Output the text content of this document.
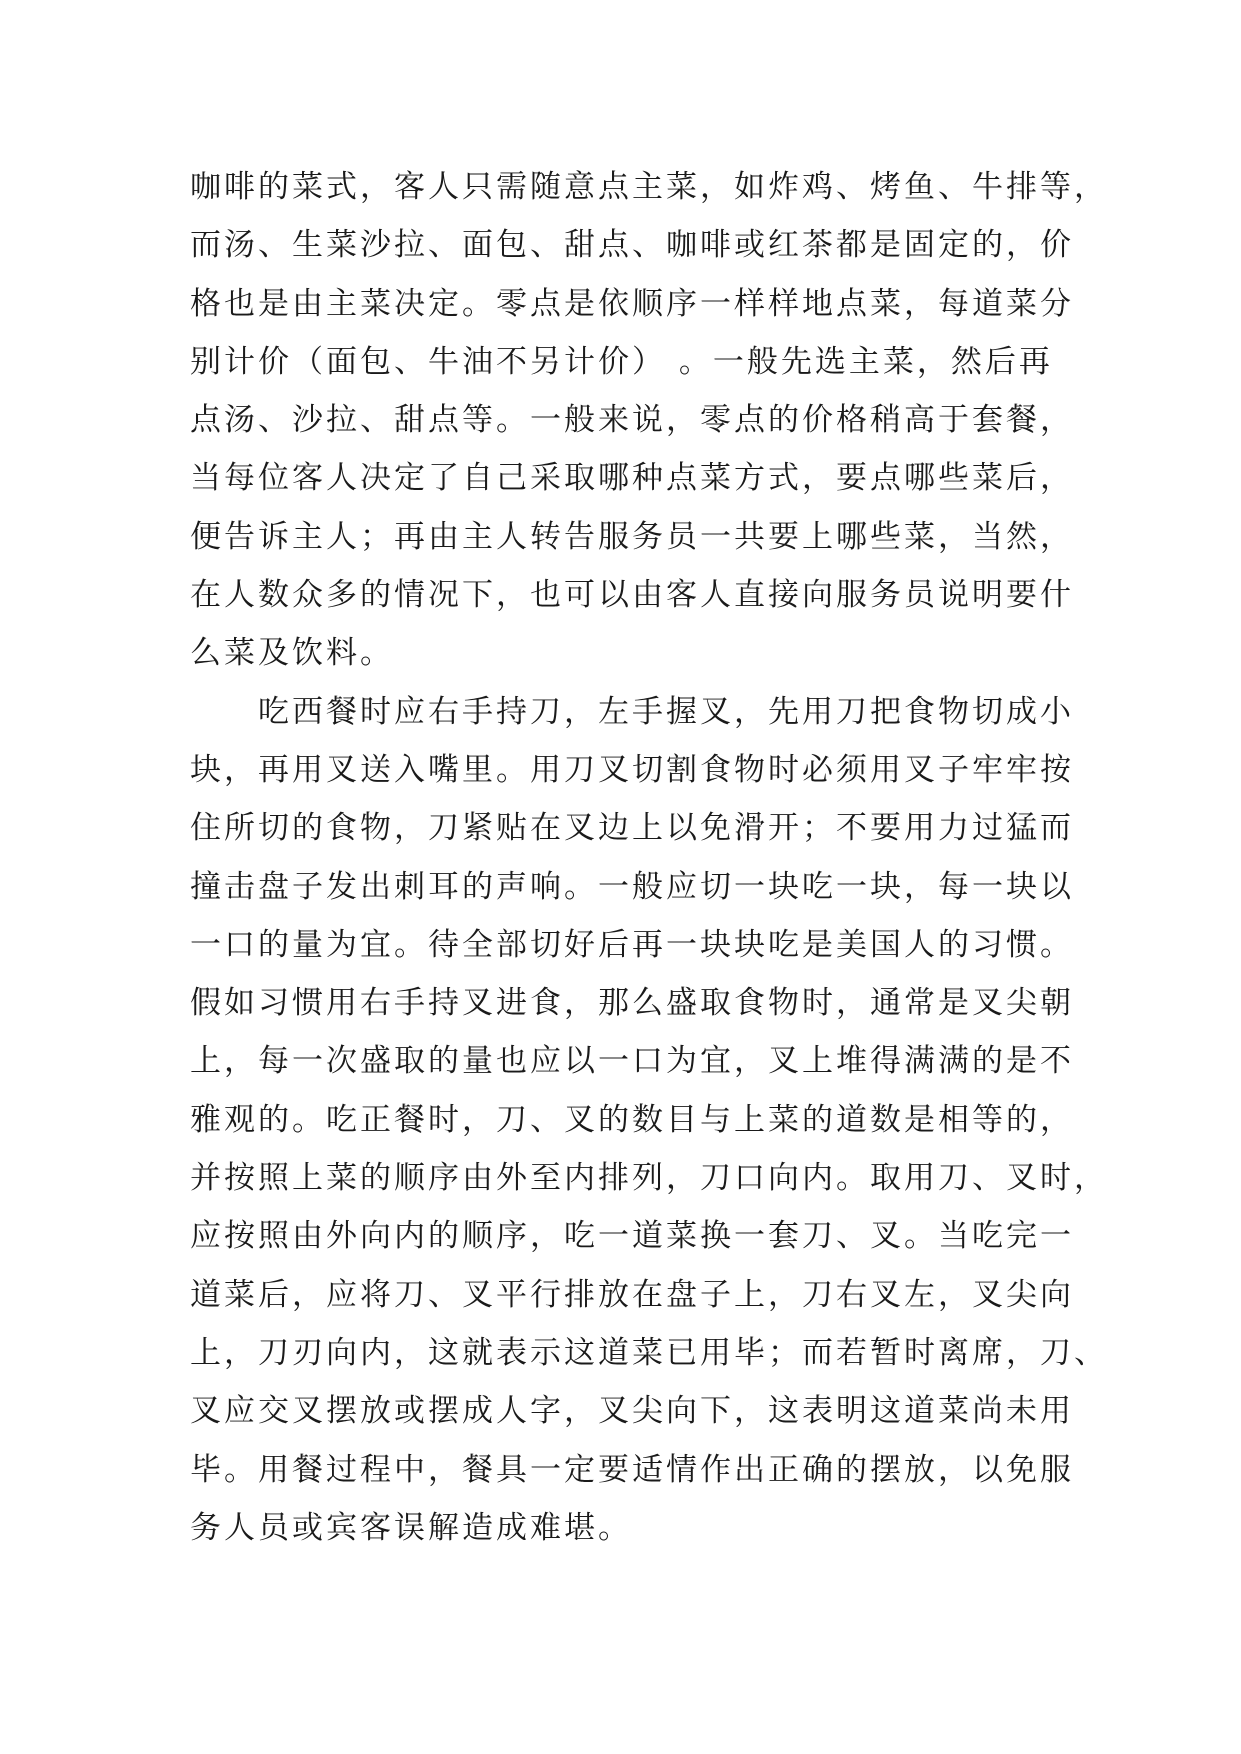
咖啡的菜式，客人只需随意点主菜，如炸鸡、烤鱼、牛排等，
而汤、生菜沙拉、面包、甜点、咖啡或红茶都是固定的，价
格也是由主菜决定。零点是依顺序一样样地点菜，每道菜分
别计价（面包、牛油不另计价） 。一般先选主菜，然后再
点汤、沙拉、甜点等。一般来说，零点的价格稍高于套餐，
当每位客人决定了自己采取哪种点菜方式，要点哪些菜后，
便告诉主人；再由主人转告服务员一共要上哪些菜，当然，
在人数众多的情况下，也可以由客人直接向服务员说明要什
么菜及饮料。
吃西餐时应右手持刀，左手握叉，先用刀把食物切成小
块，再用叉送入嘴里。用刀叉切割食物时必须用叉子牢牢按
住所切的食物，刀紧贴在叉边上以免滑开；不要用力过猛而
撞击盘子发出刺耳的声响。一般应切一块吃一块，每一块以
一口的量为宜。待全部切好后再一块块吃是美国人的习惯。
假如习惯用右手持叉进食，那么盛取食物时，通常是叉尖朝
上，每一次盛取的量也应以一口为宜，叉上堆得满满的是不
雅观的。吃正餐时，刀、叉的数目与上菜的道数是相等的，
并按照上菜的顺序由外至内排列，刀口向内。取用刀、叉时，
应按照由外向内的顺序，吃一道菜换一套刀、叉。当吃完一
道菜后，应将刀、叉平行排放在盘子上，刀右叉左，叉尖向
上，刀刃向内，这就表示这道菜已用毕；而若暂时离席，刀、
叉应交叉摆放或摆成人字，叉尖向下，这表明这道菜尚未用
毕。用餐过程中，餐具一定要适情作出正确的摆放，以免服
务人员或宾客误解造成难堪。
